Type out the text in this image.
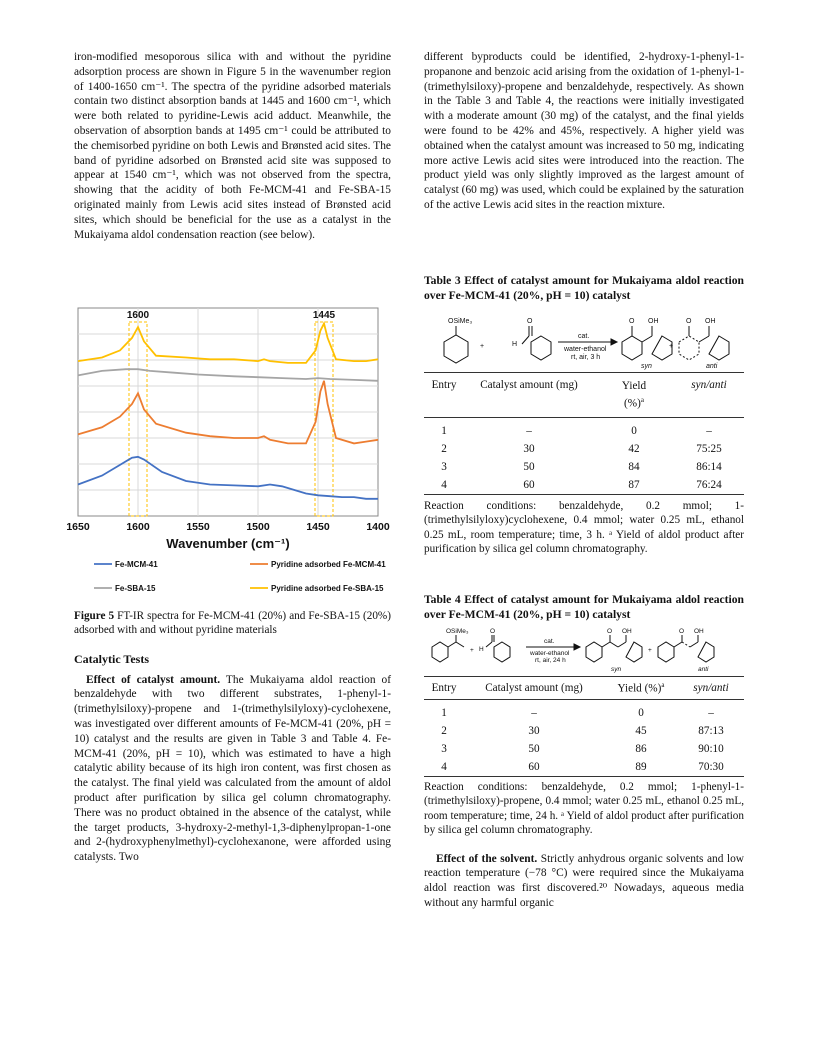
iron-modified mesoporous silica with and without the pyridine adsorption process are shown in Figure 5 in the wavenumber region of 1400-1650 cm⁻¹. The spectra of the pyridine adsorbed materials contain two distinct absorption bands at 1445 and 1600 cm⁻¹, which were both related to pyridine-Lewis acid adduct. Meanwhile, the observation of absorption bands at 1495 cm⁻¹ could be attributed to the chemisorbed pyridine on both Lewis and Brønsted acid sites. The band of pyridine adsorbed on Brønsted acid site was supposed to appear at 1540 cm⁻¹, which was not observed from the spectra, showing that the acidity of both Fe-MCM-41 and Fe-SBA-15 originated mainly from Lewis acid sites instead of Brønsted acid sites, which should be beneficial for the use as a catalyst in the Mukaiyama aldol condensation reaction (see below).

1600	1445
1650	1600	1550	1500	1450	1400
Wavenumber (cm⁻¹)
Fe-MCM-41	Pyridine adsorbed Fe-MCM-41
Fe-SBA-15	Pyridine adsorbed Fe-SBA-15

Figure 5 FT-IR spectra for Fe-MCM-41 (20%) and Fe-SBA-15 (20%) adsorbed with and without pyridine materials

Catalytic Tests

Effect of catalyst amount. The Mukaiyama aldol reaction of benzaldehyde with two different substrates, 1-phenyl-1-(trimethylsiloxy)-propene and 1-(trimethylsilyloxy)-cyclohexene, was investigated over different amounts of Fe-MCM-41 (20%, pH = 10) catalyst and the results are given in Table 3 and Table 4. Fe-MCM-41 (20%, pH = 10), which was estimated to have a high catalytic ability because of its high iron content, was first chosen as the catalyst. The final yield was calculated from the amount of aldol product after purification by silica gel column chromatography. There was no product obtained in the absence of the catalyst, while the target products, 3-hydroxy-2-methyl-1,3-diphenylpropan-1-one and 2-(hydroxyphenylmethyl)-cyclohexanone, were afforded using catalysts. Two

different byproducts could be identified, 2-hydroxy-1-phenyl-1-propanone and benzoic acid arising from the oxidation of 1-phenyl-1-(trimethylsiloxy)-propene and benzaldehyde, respectively. As shown in the Table 3 and Table 4, the reactions were initially investigated with a moderate amount (30 mg) of the catalyst, and the final yields were found to be 42% and 45%, respectively. A higher yield was obtained when the catalyst amount was increased to 50 mg, indicating more active Lewis acid sites were introduced into the reaction. The product yield was only slightly improved as the largest amount of catalyst (60 mg) was used, which could be explained by the saturation of the active Lewis acid sites in the reaction mixture.

Table 3 Effect of catalyst amount for Mukaiyama aldol reaction over Fe-MCM-41 (20%, pH = 10) catalyst

OSiMe₃
+
O
H
cat.
water-ethanol
rt, air, 3 h
O OH
syn
+
O OH
anti
Entry	Catalyst amount (mg)	Yield
(%)$^a$	syn/anti
1	–	0	–
2	30	42	75:25
3	50	84	86:14
4	60	87	76:24

Reaction conditions: benzaldehyde, 0.2 mmol; 1-(trimethylsilyloxy)cyclohexene, 0.4 mmol; water 0.25 mL, ethanol 0.25 mL, room temperature; time, 3 h. ᵃ Yield of aldol product after purification by silica gel column chromatography.

Table 4 Effect of catalyst amount for Mukaiyama aldol reaction over Fe-MCM-41 (20%, pH = 10) catalyst

OSiMe₃
+
O
H
cat.
water-ethanol
rt, air, 24 h
O OH
syn
+
O OH
anti
Entry	Catalyst amount (mg)	Yield (%)$^a$	syn/anti
1	–	0	–
2	30	45	87:13
3	50	86	90:10
4	60	89	70:30

Reaction conditions: benzaldehyde, 0.2 mmol; 1-phenyl-1-(trimethylsiloxy)-propene, 0.4 mmol; water 0.25 mL, ethanol 0.25 mL, room temperature; time, 24 h. ᵃ Yield of aldol product after purification by silica gel column chromatography.

Effect of the solvent. Strictly anhydrous organic solvents and low reaction temperature (−78 °C) were required since the Mukaiyama aldol reaction was first discovered.²⁰ Nowadays, aqueous media without any harmful organic
